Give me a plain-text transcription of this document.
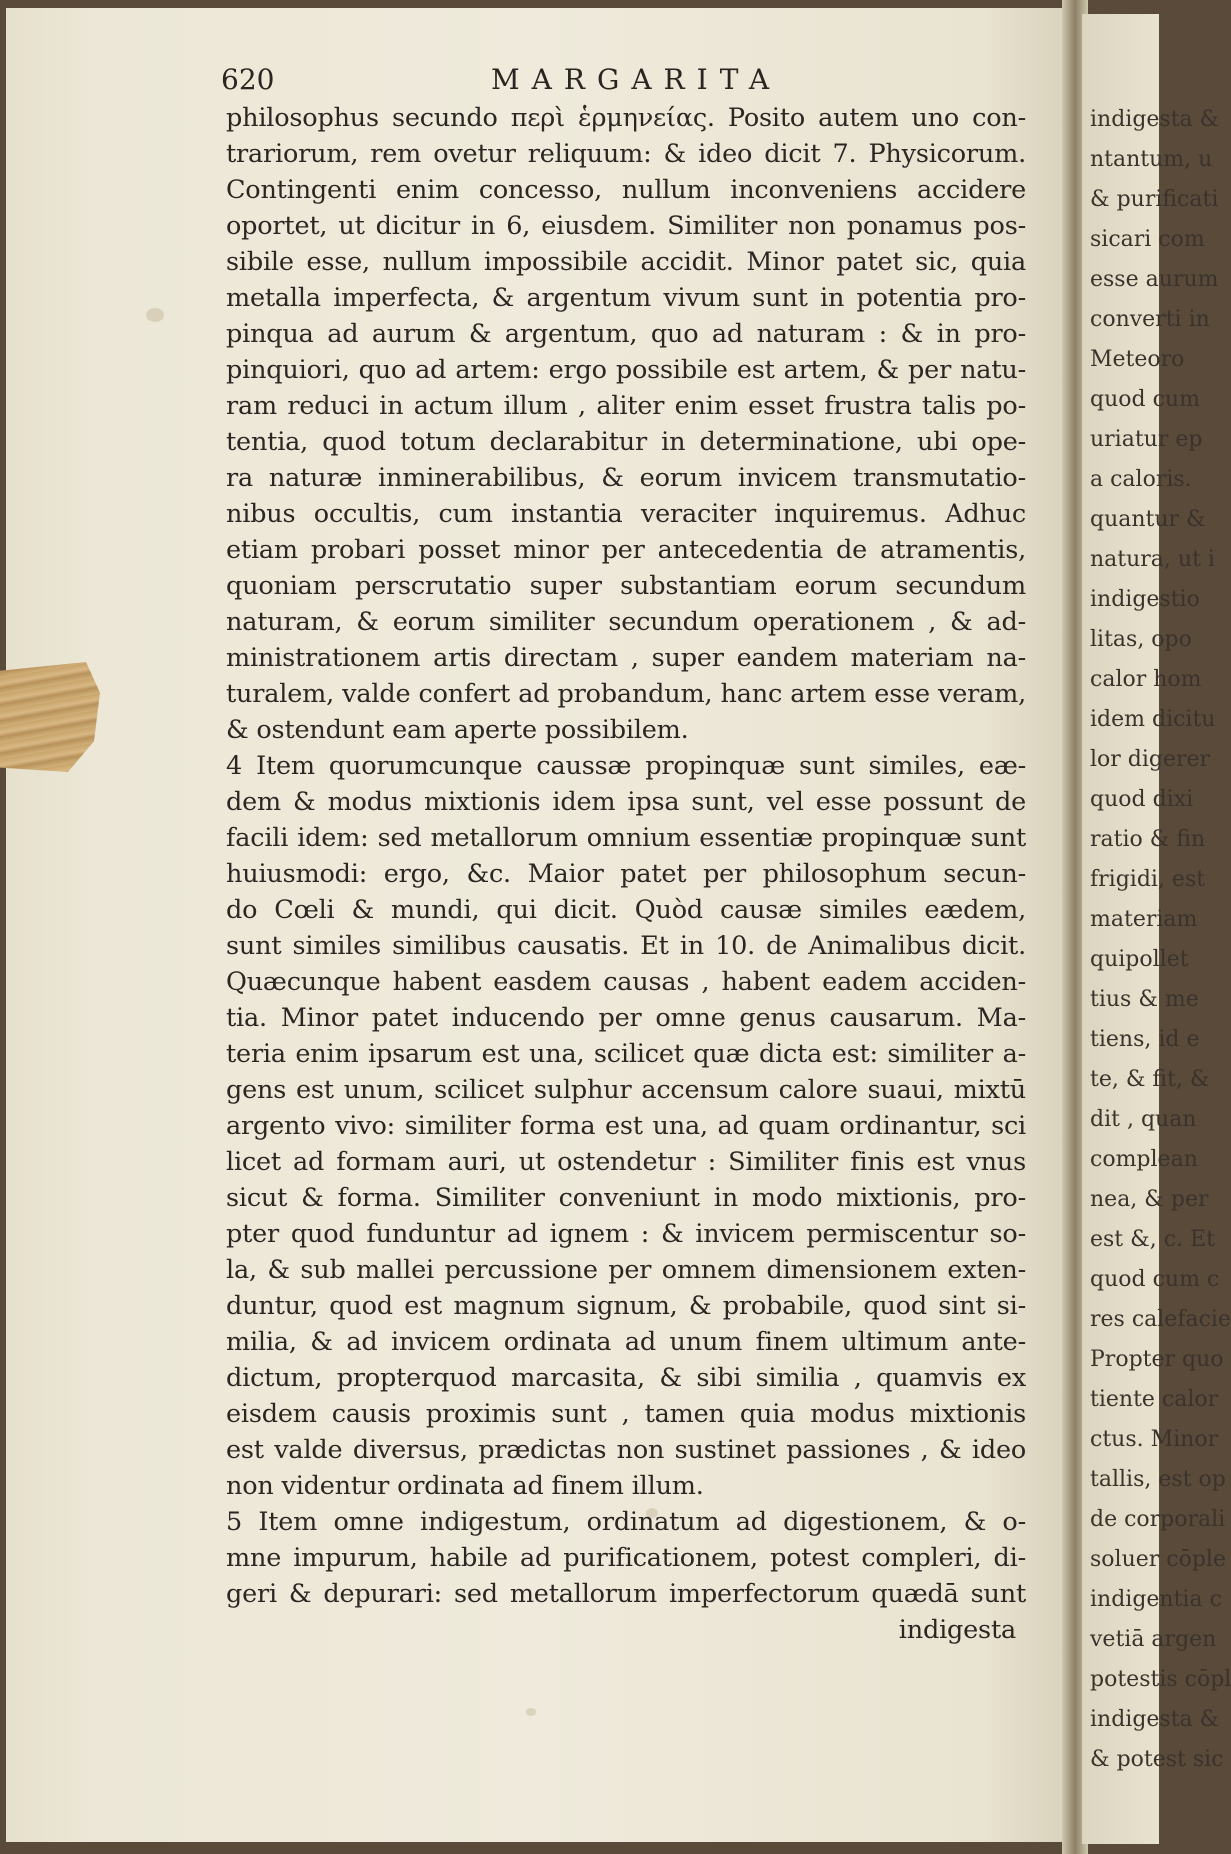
620	MARGARITA
philosophus secundo περὶ ἑρμηνείας. Posito autem uno con-
trariorum, rem ovetur reliquum: & ideo dicit 7. Physicorum.
Contingenti enim concesso, nullum inconveniens accidere
oportet, ut dicitur in 6, eiusdem. Similiter non ponamus pos-
sibile esse, nullum impossibile accidit. Minor patet sic, quia
metalla imperfecta, & argentum vivum sunt in potentia pro-
pinqua ad aurum & argentum, quo ad naturam : & in pro-
pinquiori, quo ad artem: ergo possibile est artem, & per natu-
ram reduci in actum illum , aliter enim esset frustra talis po-
tentia, quod totum declarabitur in determinatione, ubi ope-
ra naturæ inminerabilibus, & eorum invicem transmutatio-
nibus occultis, cum instantia veraciter inquiremus. Adhuc
etiam probari posset minor per antecedentia de atramentis,
quoniam perscrutatio super substantiam eorum secundum
naturam, & eorum similiter secundum operationem , & ad-
ministrationem artis directam , super eandem materiam na-
turalem, valde confert ad probandum, hanc artem esse veram,
& ostendunt eam aperte possibilem.
4 Item quorumcunque caussæ propinquæ sunt similes, eæ-
dem & modus mixtionis idem ipsa sunt, vel esse possunt de
facili idem: sed metallorum omnium essentiæ propinquæ sunt
huiusmodi: ergo, &c. Maior patet per philosophum secun-
do Cœli & mundi, qui dicit. Quòd causæ similes eædem,
sunt similes similibus causatis. Et in 10. de Animalibus dicit.
Quæcunque habent easdem causas , habent eadem acciden-
tia. Minor patet inducendo per omne genus causarum. Ma-
teria enim ipsarum est una, scilicet quæ dicta est: similiter a-
gens est unum, scilicet sulphur accensum calore suaui, mixtū
argento vivo: similiter forma est una, ad quam ordinantur, sci
licet ad formam auri, ut ostendetur : Similiter finis est vnus
sicut & forma. Similiter conveniunt in modo mixtionis, pro-
pter quod funduntur ad ignem : & invicem permiscentur so-
la, & sub mallei percussione per omnem dimensionem exten-
duntur, quod est magnum signum, & probabile, quod sint si-
milia, & ad invicem ordinata ad unum finem ultimum ante-
dictum, propterquod marcasita, & sibi similia , quamvis ex
eisdem causis proximis sunt , tamen quia modus mixtionis
est valde diversus, prædictas non sustinet passiones , & ideo
non videntur ordinata ad finem illum.
5 Item omne indigestum, ordinatum ad digestionem, & o-
mne impurum, habile ad purificationem, potest compleri, di-
geri & depurari: sed metallorum imperfectorum quædā sunt
indigesta
indigesta &
ntantum, u
& purificati
sicari com
esse aurum
converti in
Meteoro
quod cum
uriatur ep
a caloris.
quantur &
natura, ut i
indigestio
litas, opo
calor hom
idem dicitu
lor digerer
quod dixi
ratio & fin
frigidi, est
materiam
quipollet
tius & me
tiens, id e
te, & fit, &
dit , quan
complean
nea, & per
est &, c. Et
quod cum c
res calefacie
Propter quo
tiente calor
ctus. Minor
tallis, est op
de corporali
soluer cōple
indigentia c
vetiā argen
potestis cōpl
indigesta &
& potest sic
